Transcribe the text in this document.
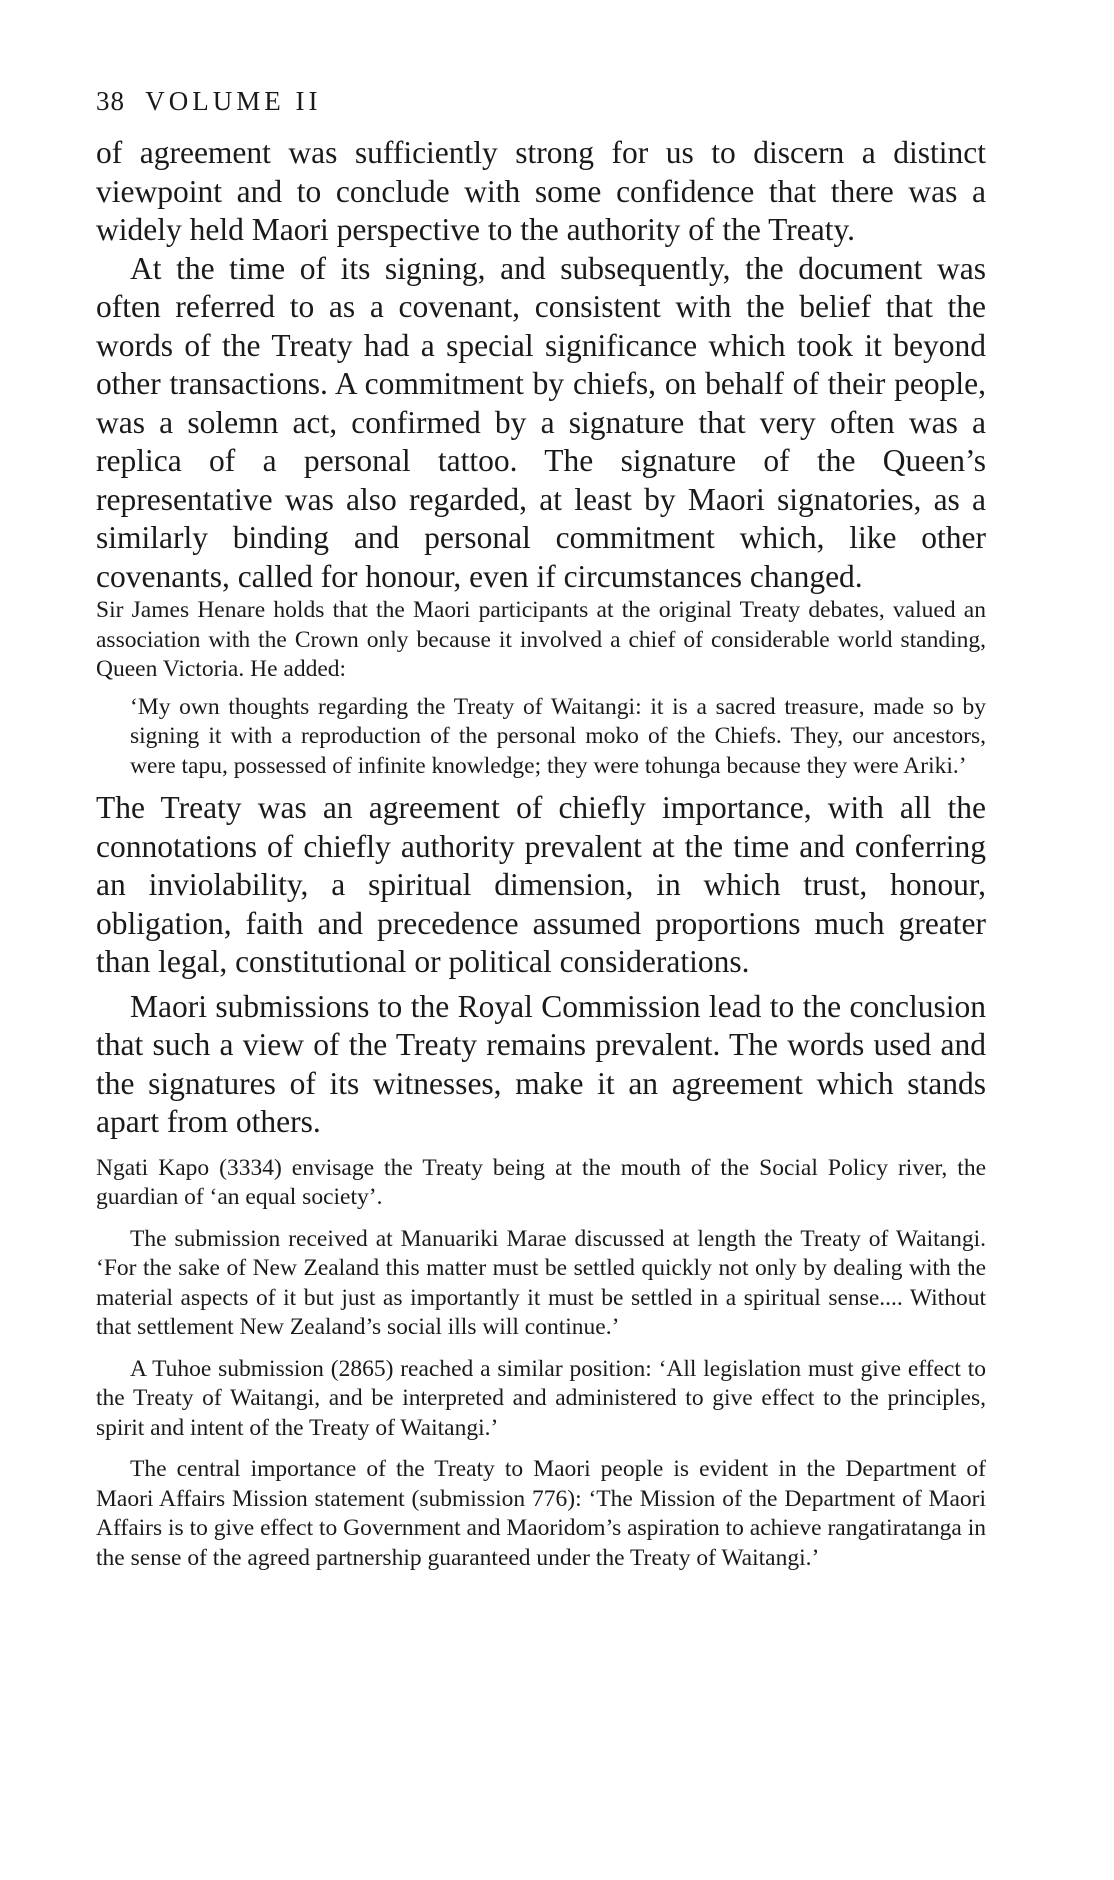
38 VOLUME II

of agreement was sufficiently strong for us to discern a distinct viewpoint and to conclude with some confidence that there was a widely held Maori perspective to the authority of the Treaty.

At the time of its signing, and subsequently, the document was often referred to as a covenant, consistent with the belief that the words of the Treaty had a special significance which took it beyond other transactions. A commitment by chiefs, on behalf of their people, was a solemn act, confirmed by a signature that very often was a replica of a personal tattoo. The signature of the Queen’s representative was also regarded, at least by Maori signatories, as a similarly binding and personal commitment which, like other covenants, called for honour, even if circumstances changed.

Sir James Henare holds that the Maori participants at the original Treaty debates, valued an association with the Crown only because it involved a chief of considerable world standing, Queen Victoria. He added:

‘My own thoughts regarding the Treaty of Waitangi: it is a sacred treasure, made so by signing it with a reproduction of the personal moko of the Chiefs. They, our ancestors, were tapu, possessed of infinite knowledge; they were tohunga because they were Ariki.’

The Treaty was an agreement of chiefly importance, with all the connotations of chiefly authority prevalent at the time and conferring an inviolability, a spiritual dimension, in which trust, honour, obligation, faith and precedence assumed proportions much greater than legal, constitutional or political considerations.

Maori submissions to the Royal Commission lead to the conclusion that such a view of the Treaty remains prevalent. The words used and the signatures of its witnesses, make it an agreement which stands apart from others.

Ngati Kapo (3334) envisage the Treaty being at the mouth of the Social Policy river, the guardian of ‘an equal society’.

The submission received at Manuariki Marae discussed at length the Treaty of Waitangi. ‘For the sake of New Zealand this matter must be settled quickly not only by dealing with the material aspects of it but just as importantly it must be settled in a spiritual sense.... Without that settlement New Zealand’s social ills will continue.’

A Tuhoe submission (2865) reached a similar position: ‘All legislation must give effect to the Treaty of Waitangi, and be interpreted and administered to give effect to the principles, spirit and intent of the Treaty of Waitangi.’

The central importance of the Treaty to Maori people is evident in the Department of Maori Affairs Mission statement (submission 776): ‘The Mission of the Department of Maori Affairs is to give effect to Government and Maoridom’s aspiration to achieve rangatiratanga in the sense of the agreed partnership guaranteed under the Treaty of Waitangi.’
